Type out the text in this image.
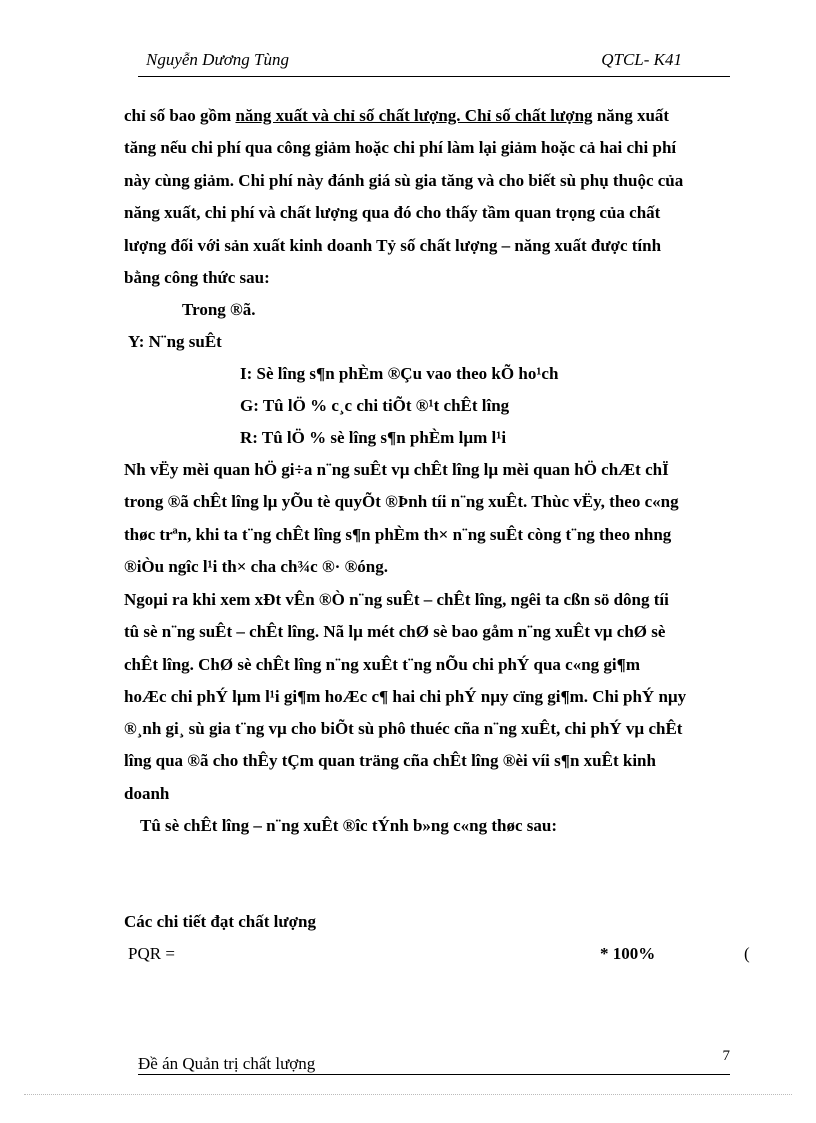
Nguyễn Dương Tùng	QTCL- K41
chỉ số bao gồm năng xuất và chỉ số chất lượng. Chỉ số chất lượng năng xuất
tăng nếu chi phí qua công giảm hoặc chi phí làm lại giảm hoặc cả hai chi phí
này cùng giảm. Chi phí này đánh giá sù gia tăng và cho biết sù phụ thuộc của
năng xuất, chi phí và chất lượng qua đó cho thấy tầm quan trọng của chất
lượng đối với sản xuất kinh doanh Tỷ số chất lượng – năng xuất được tính
bằng công thức sau:
Trong ®ã.
Y: N¨ng suÊt
I: Sè lîng s¶n phÈm ®Çu vao theo kÕ ho¹ch
G: Tû lÖ % c¸c chi tiÕt ®¹t chÊt lîng
R: Tû lÖ % sè lîng s¶n phÈm lµm l¹i
Nh vËy mèi quan hÖ gi÷a n¨ng suÊt vµ chÊt lîng lµ mèi quan hÖ chÆt chÏ
trong ®ã chÊt lîng lµ yÕu tè quyÕt ®Þnh tíi n¨ng xuÊt. Thùc vËy, theo c«ng
thøc trªn, khi ta t¨ng chÊt lîng s¶n phÈm th× n¨ng suÊt còng t¨ng theo nhng
®iÒu ngîc l¹i th× cha ch¾c ®· ®óng.
Ngoµi ra khi xem xÐt vÊn ®Ò n¨ng suÊt – chÊt lîng, ngêi ta cßn sö dông tíi
tû sè n¨ng suÊt – chÊt lîng. Nã lµ mét chØ sè bao gåm n¨ng xuÊt vµ chØ sè
chÊt lîng. ChØ sè chÊt lîng n¨ng xuÊt t¨ng nÕu chi phÝ qua c«ng gi¶m
hoÆc chi phÝ lµm l¹i gi¶m hoÆc c¶ hai chi phÝ nµy cïng gi¶m. Chi phÝ nµy
®¸nh gi¸ sù gia t¨ng vµ cho biÕt sù phô thuéc cña n¨ng xuÊt, chi phÝ vµ chÊt
lîng qua ®ã cho thÊy tÇm quan träng cña chÊt lîng ®èi víi s¶n xuÊt kinh
doanh
Tû sè chÊt lîng – n¨ng xuÊt ®îc tÝnh b»ng c«ng thøc sau:
Các chi tiết đạt chất lượng
PQR =	* 100%	(
Đề án Quản trị chất lượng	7
